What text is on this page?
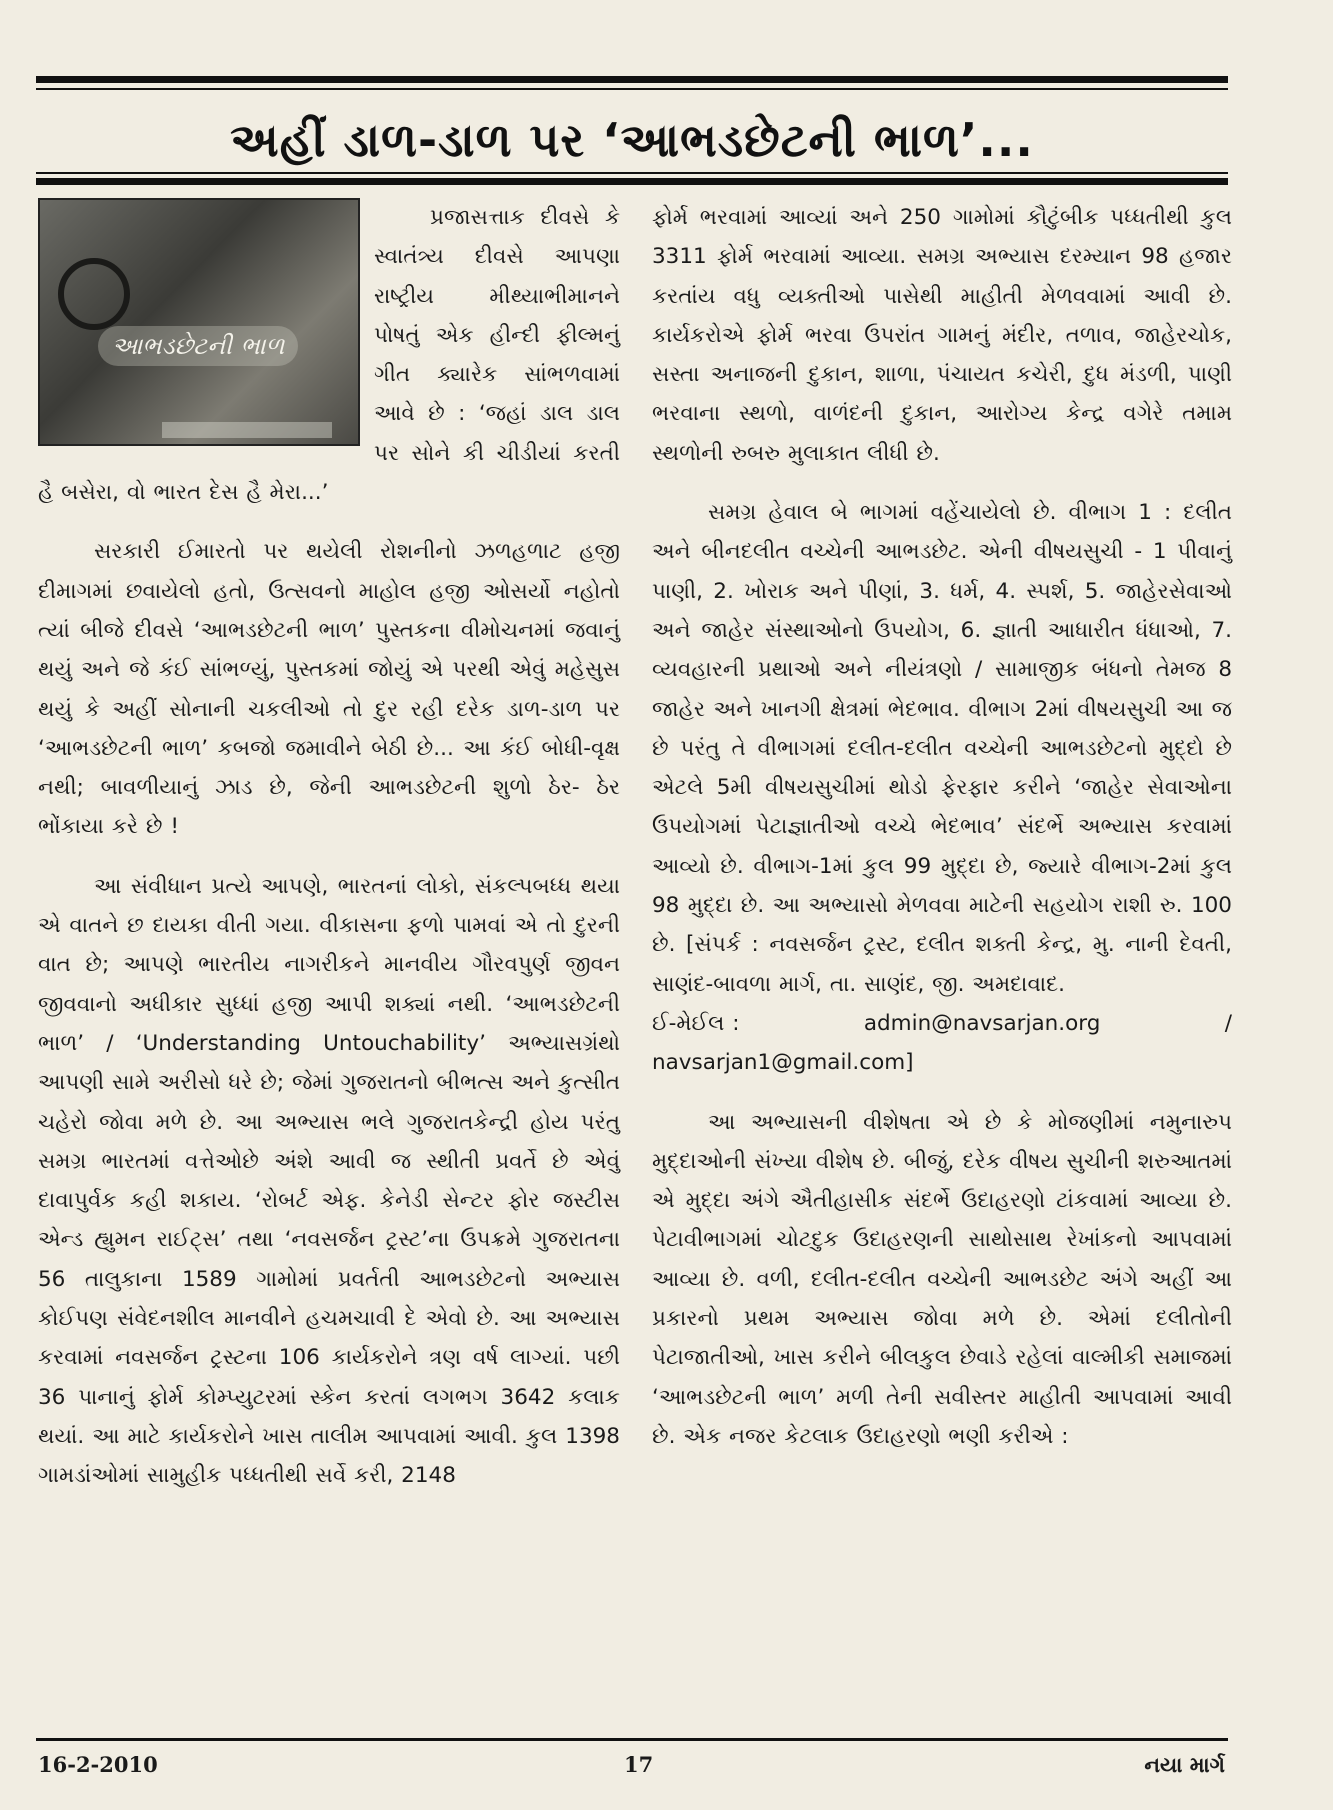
અહીં ડાળ-ડાળ પર ‘આભડછેટની ભાળ’...
આભડછેટની ભાળ

પ્રજાસત્તાક દીવસે કે સ્વાતંત્ર્ય દીવસે આપણા રાષ્ટ્રીય મીથ્યાભીમાનને પોષતું એક હીન્દી ફીલ્મનું ગીત ક્યારેક સાંભળવામાં આવે છે : ‘જહાં ડાલ ડાલ પર સોને કી ચીડીયાં કરતી હૈ બસેરા, વો ભારત દેસ હૈ મેરા...’

સરકારી ઈમારતો પર થયેલી રોશનીનો ઝળહળાટ હજી દીમાગમાં છવાયેલો હતો, ઉત્સવનો માહોલ હજી ઓસર્યો નહોતો ત્યાં બીજે દીવસે ‘આભડછેટની ભાળ’ પુસ્તકના વીમોચનમાં જવાનું થયું અને જે કંઈ સાંભળ્યું, પુસ્તકમાં જોયું એ પરથી એવું મહેસુસ થયું કે અહીં સોનાની ચકલીઓ તો દુર રહી દરેક ડાળ-ડાળ પર ‘આભડછેટની ભાળ’ કબજો જમાવીને બેઠી છે... આ કંઈ બોધી-વૃક્ષ નથી; બાવળીયાનું ઝાડ છે, જેની આભડછેટની શુળો ઠેર- ઠેર ભોંકાયા કરે છે !

આ સંવીધાન પ્રત્યે આપણે, ભારતનાં લોકો, સંકલ્પબધ્ધ થયા એ વાતને છ દાયકા વીતી ગયા. વીકાસના ફળો પામવાં એ તો દુરની વાત છે; આપણે ભારતીય નાગરીકને માનવીય ગૌરવપુર્ણ જીવન જીવવાનો અધીકાર સુધ્ધાં હજી આપી શક્યાં નથી. ‘આભડછેટની ભાળ’ / ‘Understanding Untouchability’ અભ્યાસગ્રંથો આપણી સામે અરીસો ધરે છે; જેમાં ગુજરાતનો બીભત્સ અને કુત્સીત ચહેરો જોવા મળે છે. આ અભ્યાસ ભલે ગુજરાતકેન્દ્રી હોય પરંતુ સમગ્ર ભારતમાં વત્તેઓછે અંશે આવી જ સ્થીતી પ્રવર્તે છે એવું દાવાપુર્વક કહી શકાય. ‘રોબર્ટ એફ. કેનેડી સેન્ટર ફોર જસ્ટીસ એન્ડ હ્યુમન રાઈટ્સ’ તથા ‘નવસર્જન ટ્રસ્ટ’ના ઉપક્રમે ગુજરાતના 56 તાલુકાના 1589 ગામોમાં પ્રવર્તતી આભડછેટનો અભ્યાસ કોઈપણ સંવેદનશીલ માનવીને હચમચાવી દે એવો છે. આ અભ્યાસ કરવામાં નવસર્જન ટ્રસ્ટના 106 કાર્યકરોને ત્રણ વર્ષ લાગ્યાં. પછી 36 પાનાનું ફોર્મ કોમ્પ્યુટરમાં સ્કેન કરતાં લગભગ 3642 કલાક થયાં. આ માટે કાર્યકરોને ખાસ તાલીમ આપવામાં આવી. કુલ 1398 ગામડાંઓમાં સામુહીક પધ્ધતીથી સર્વે કરી, 2148

ફોર્મ ભરવામાં આવ્યાં અને 250 ગામોમાં કૌટુંબીક પધ્ધતીથી કુલ 3311 ફોર્મ ભરવામાં આવ્યા. સમગ્ર અભ્યાસ દરમ્યાન 98 હજાર કરતાંય વધુ વ્યક્તીઓ પાસેથી માહીતી મેળવવામાં આવી છે. કાર્યકરોએ ફોર્મ ભરવા ઉપરાંત ગામનું મંદીર, તળાવ, જાહેરચોક, સસ્તા અનાજની દુકાન, શાળા, પંચાયત કચેરી, દુધ મંડળી, પાણી ભરવાના સ્થળો, વાળંદની દુકાન, આરોગ્ય કેન્દ્ર વગેરે તમામ સ્થળોની રુબરુ મુલાકાત લીધી છે.

સમગ્ર હેવાલ બે ભાગમાં વહેંચાયેલો છે. વીભાગ 1 : દલીત અને બીનદલીત વચ્ચેની આભડછેટ. એની વીષયસુચી - 1 પીવાનું પાણી, 2. ખોરાક અને પીણાં, 3. ધર્મ, 4. સ્પર્શ, 5. જાહેરસેવાઓ અને જાહેર સંસ્થાઓનો ઉપયોગ, 6. જ્ઞાતી આધારીત ધંધાઓ, 7. વ્યવહારની પ્રથાઓ અને નીયંત્રણો / સામાજીક બંધનો તેમજ 8 જાહેર અને ખાનગી ક્ષેત્રમાં ભેદભાવ. વીભાગ 2માં વીષયસુચી આ જ છે પરંતુ તે વીભાગમાં દલીત-દલીત વચ્ચેની આભડછેટનો મુદ્દો છે એટલે 5મી વીષયસુચીમાં થોડો ફેરફાર કરીને ‘જાહેર સેવાઓના ઉપયોગમાં પેટાજ્ઞાતીઓ વચ્ચે ભેદભાવ’ સંદર્ભે અભ્યાસ કરવામાં આવ્યો છે. વીભાગ-1માં કુલ 99 મુદ્દા છે, જ્યારે વીભાગ-2માં કુલ 98 મુદ્દા છે. આ અભ્યાસો મેળવવા માટેની સહયોગ રાશી રુ. 100 છે. [સંપર્ક : નવસર્જન ટ્રસ્ટ, દલીત શક્તી કેન્દ્ર, મુ. નાની દેવતી, સાણંદ-બાવળા માર્ગ, તા. સાણંદ, જી. અમદાવાદ.

ઈ-મેઈલ :	admin@navsarjan.org	/
navsarjan1@gmail.com]

આ અભ્યાસની વીશેષતા એ છે કે મોજણીમાં નમુનારુપ મુદ્દાઓની સંખ્યા વીશેષ છે. બીજું, દરેક વીષય સુચીની શરુઆતમાં એ મુદ્દા અંગે ઐતીહાસીક સંદર્ભે ઉદાહરણો ટાંકવામાં આવ્યા છે. પેટાવીભાગમાં ચોટદુક ઉદાહરણની સાથોસાથ રેખાંકનો આપવામાં આવ્યા છે. વળી, દલીત-દલીત વચ્ચેની આભડછેટ અંગે અહીં આ પ્રકારનો પ્રથમ અભ્યાસ જોવા મળે છે. એમાં દલીતોની પેટાજાતીઓ, ખાસ કરીને બીલકુલ છેવાડે રહેલાં વાલ્મીકી સમાજમાં ‘આભડછેટની ભાળ’ મળી તેની સવીસ્તર માહીતી આપવામાં આવી છે. એક નજર કેટલાક ઉદાહરણો ભણી કરીએ :

16-2-2010	17	નયા માર્ગ
